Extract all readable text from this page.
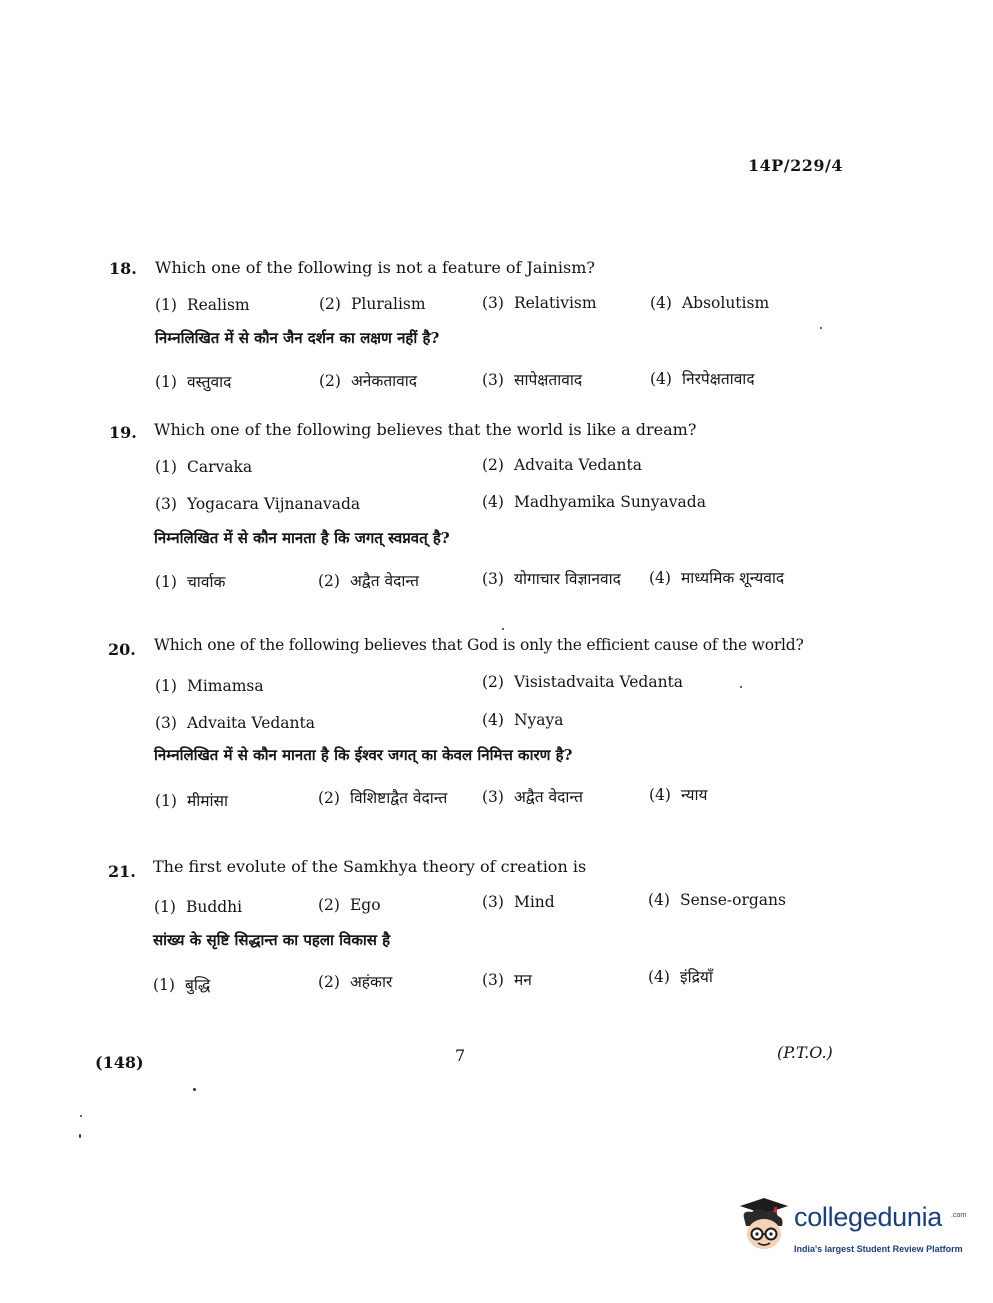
14P/229/4
18. Which one of the following is not a feature of Jainism?
(1) Realism	(2) Pluralism	(3) Relativism	(4) Absolutism
निम्नलिखित में से कौन जैन दर्शन का लक्षण नहीं है?
(1) वस्तुवाद	(2) अनेकतावाद	(3) सापेक्षतावाद	(4) निरपेक्षतावाद
19. Which one of the following believes that the world is like a dream?
(1) Carvaka	(2) Advaita Vedanta
(3) Yogacara Vijnanavada	(4) Madhyamika Sunyavada
निम्नलिखित में से कौन मानता है कि जगत् स्वप्नवत् है?
(1) चार्वाक	(2) अद्वैत वेदान्त	(3) योगाचार विज्ञानवाद (4) माध्यमिक शून्यवाद
20. Which one of the following believes that God is only the efficient cause of the world?
(1) Mimamsa	(2) Visistadvaita Vedanta
(3) Advaita Vedanta	(4) Nyaya
निम्नलिखित में से कौन मानता है कि ईश्वर जगत् का केवल निमित्त कारण है?
(1) मीमांसा	(2) विशिष्टाद्वैत वेदान्त (3) अद्वैत वेदान्त	(4) न्याय
21. The first evolute of the Samkhya theory of creation is
(1) Buddhi	(2) Ego	(3) Mind	(4) Sense-organs
सांख्य के सृष्टि सिद्धान्त का पहला विकास है
(1) बुद्धि	(2) अहंकार	(3) मन	(4) इंद्रियाँ
(148)	7	(P.T.O.)
collegedunia .com
India's largest Student Review Platform
